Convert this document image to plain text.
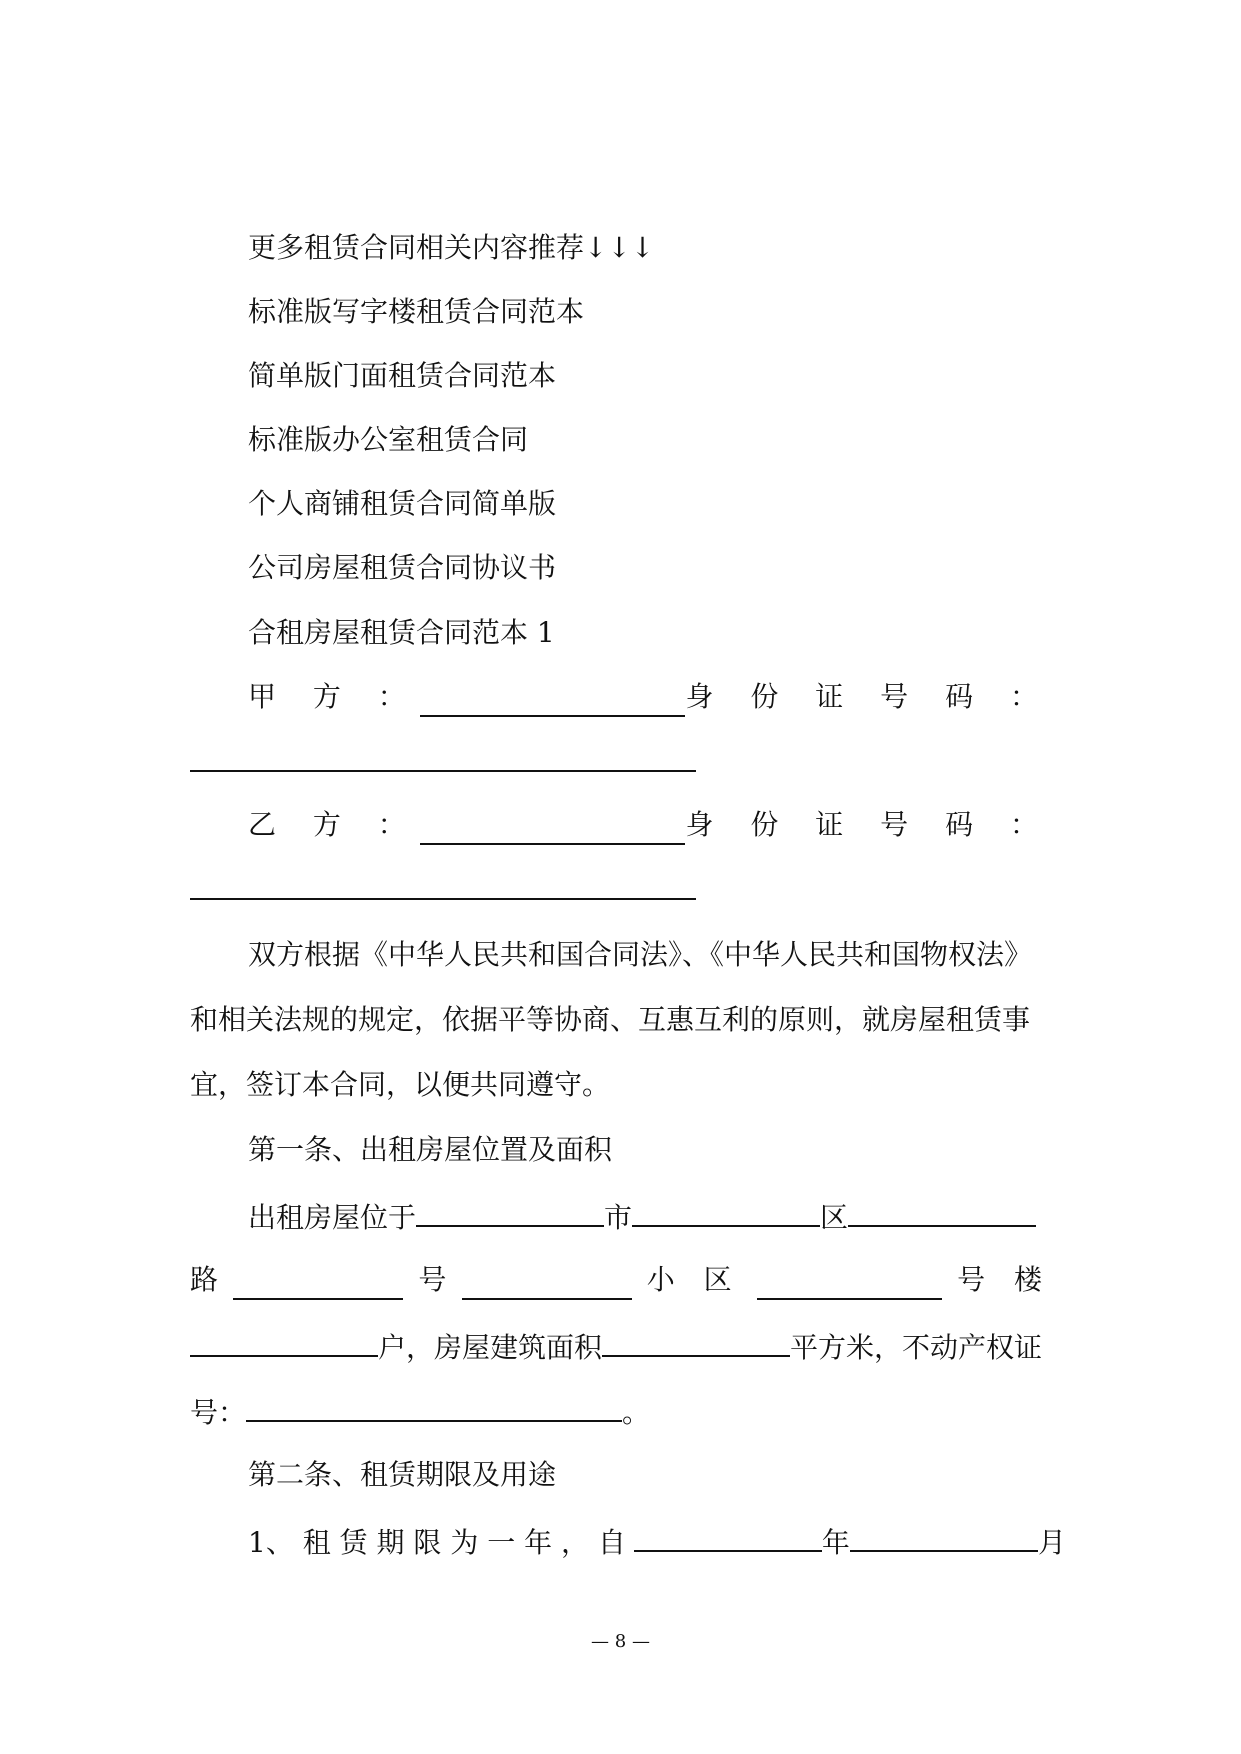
更多租赁合同相关内容推荐↓↓↓
标准版写字楼租赁合同范本
简单版门面租赁合同范本
标准版办公室租赁合同
个人商铺租赁合同简单版
公司房屋租赁合同协议书
合租房屋租赁合同范本 1
甲 方 ：	身 份 证 号 码 ：
乙 方 ：	身 份 证 号 码 ：
双方根据《中华人民共和国合同法》、《中华人民共和国物权法》
和相关法规的规定，依据平等协商、互惠互利的原则，就房屋租赁事
宜，签订本合同，以便共同遵守。
第一条、出租房屋位置及面积
出租房屋位于	市	区
路	号	小 区	号 楼
户，房屋建筑面积	平方米，不动产权证
号：	。
第二条、租赁期限及用途
1、 租 赁 期 限 为 一 年 ， 自	年	月
— 8 —
